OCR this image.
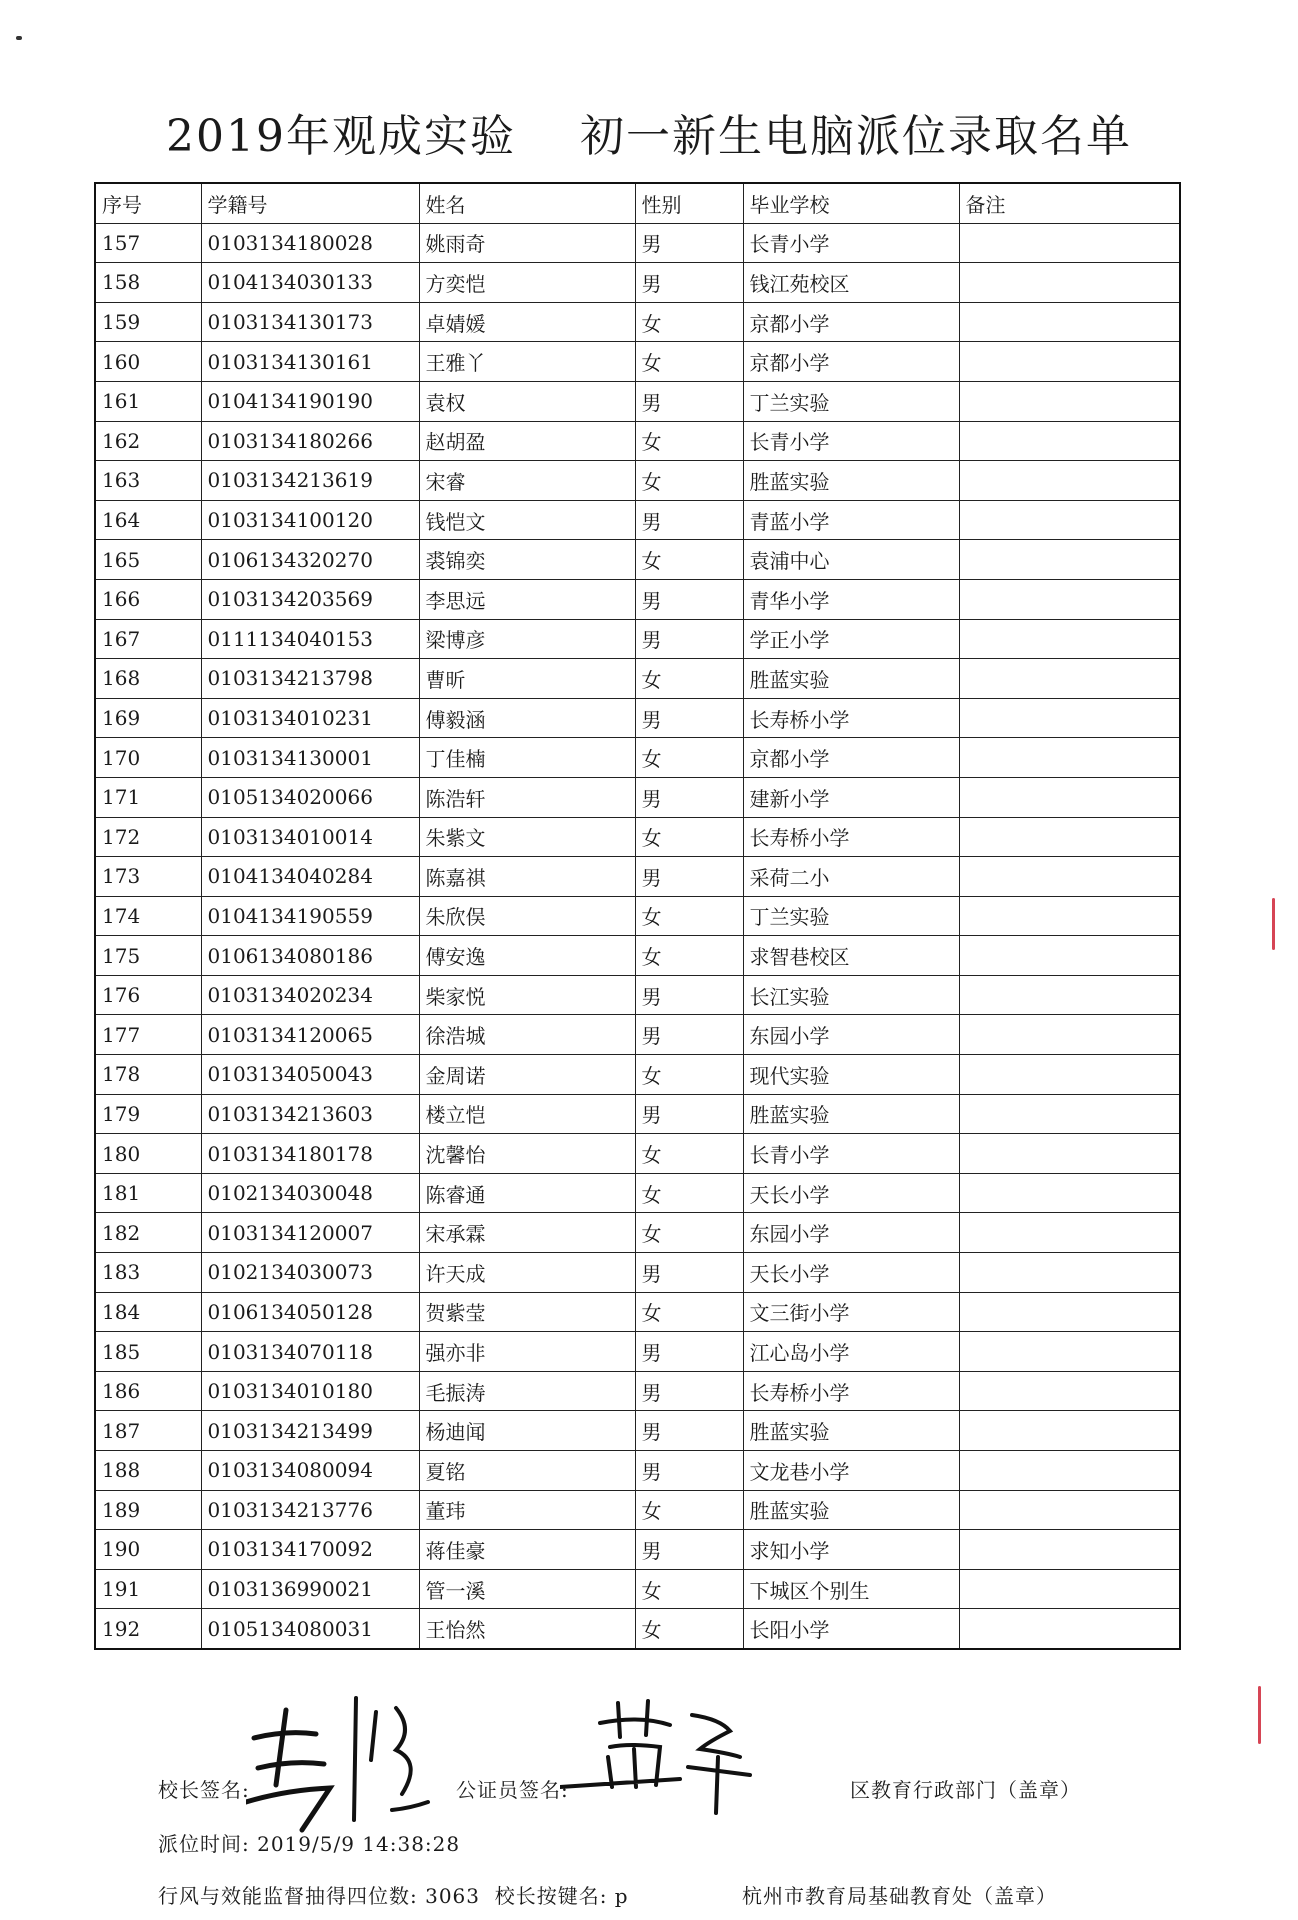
2019年观成实验    初一新生电脑派位录取名单
序号	学籍号	姓名	性别	毕业学校	备注
157	0103134180028	姚雨奇	男	长青小学	
158	0104134030133	方奕恺	男	钱江苑校区	
159	0103134130173	卓婧媛	女	京都小学	
160	0103134130161	王雅丫	女	京都小学	
161	0104134190190	袁权	男	丁兰实验	
162	0103134180266	赵胡盈	女	长青小学	
163	0103134213619	宋睿	女	胜蓝实验	
164	0103134100120	钱恺文	男	青蓝小学	
165	0106134320270	裘锦奕	女	袁浦中心	
166	0103134203569	李思远	男	青华小学	
167	0111134040153	梁博彦	男	学正小学	
168	0103134213798	曹昕	女	胜蓝实验	
169	0103134010231	傅毅涵	男	长寿桥小学	
170	0103134130001	丁佳楠	女	京都小学	
171	0105134020066	陈浩轩	男	建新小学	
172	0103134010014	朱紫文	女	长寿桥小学	
173	0104134040284	陈嘉祺	男	采荷二小	
174	0104134190559	朱欣俣	女	丁兰实验	
175	0106134080186	傅安逸	女	求智巷校区	
176	0103134020234	柴家悦	男	长江实验	
177	0103134120065	徐浩城	男	东园小学	
178	0103134050043	金周诺	女	现代实验	
179	0103134213603	楼立恺	男	胜蓝实验	
180	0103134180178	沈馨怡	女	长青小学	
181	0102134030048	陈睿通	女	天长小学	
182	0103134120007	宋承霖	女	东园小学	
183	0102134030073	许天成	男	天长小学	
184	0106134050128	贺紫莹	女	文三街小学	
185	0103134070118	强亦非	男	江心岛小学	
186	0103134010180	毛振涛	男	长寿桥小学	
187	0103134213499	杨迪闻	男	胜蓝实验	
188	0103134080094	夏铭	男	文龙巷小学	
189	0103134213776	董玮	女	胜蓝实验	
190	0103134170092	蒋佳豪	男	求知小学	
191	0103136990021	管一溪	女	下城区个别生	
192	0105134080031	王怡然	女	长阳小学	
校长签名:	公证员签名:	区教育行政部门（盖章）
派位时间: 2019/5/9 14:38:28
行风与效能监督抽得四位数: 3063  校长按键名: p	杭州市教育局基础教育处（盖章）
